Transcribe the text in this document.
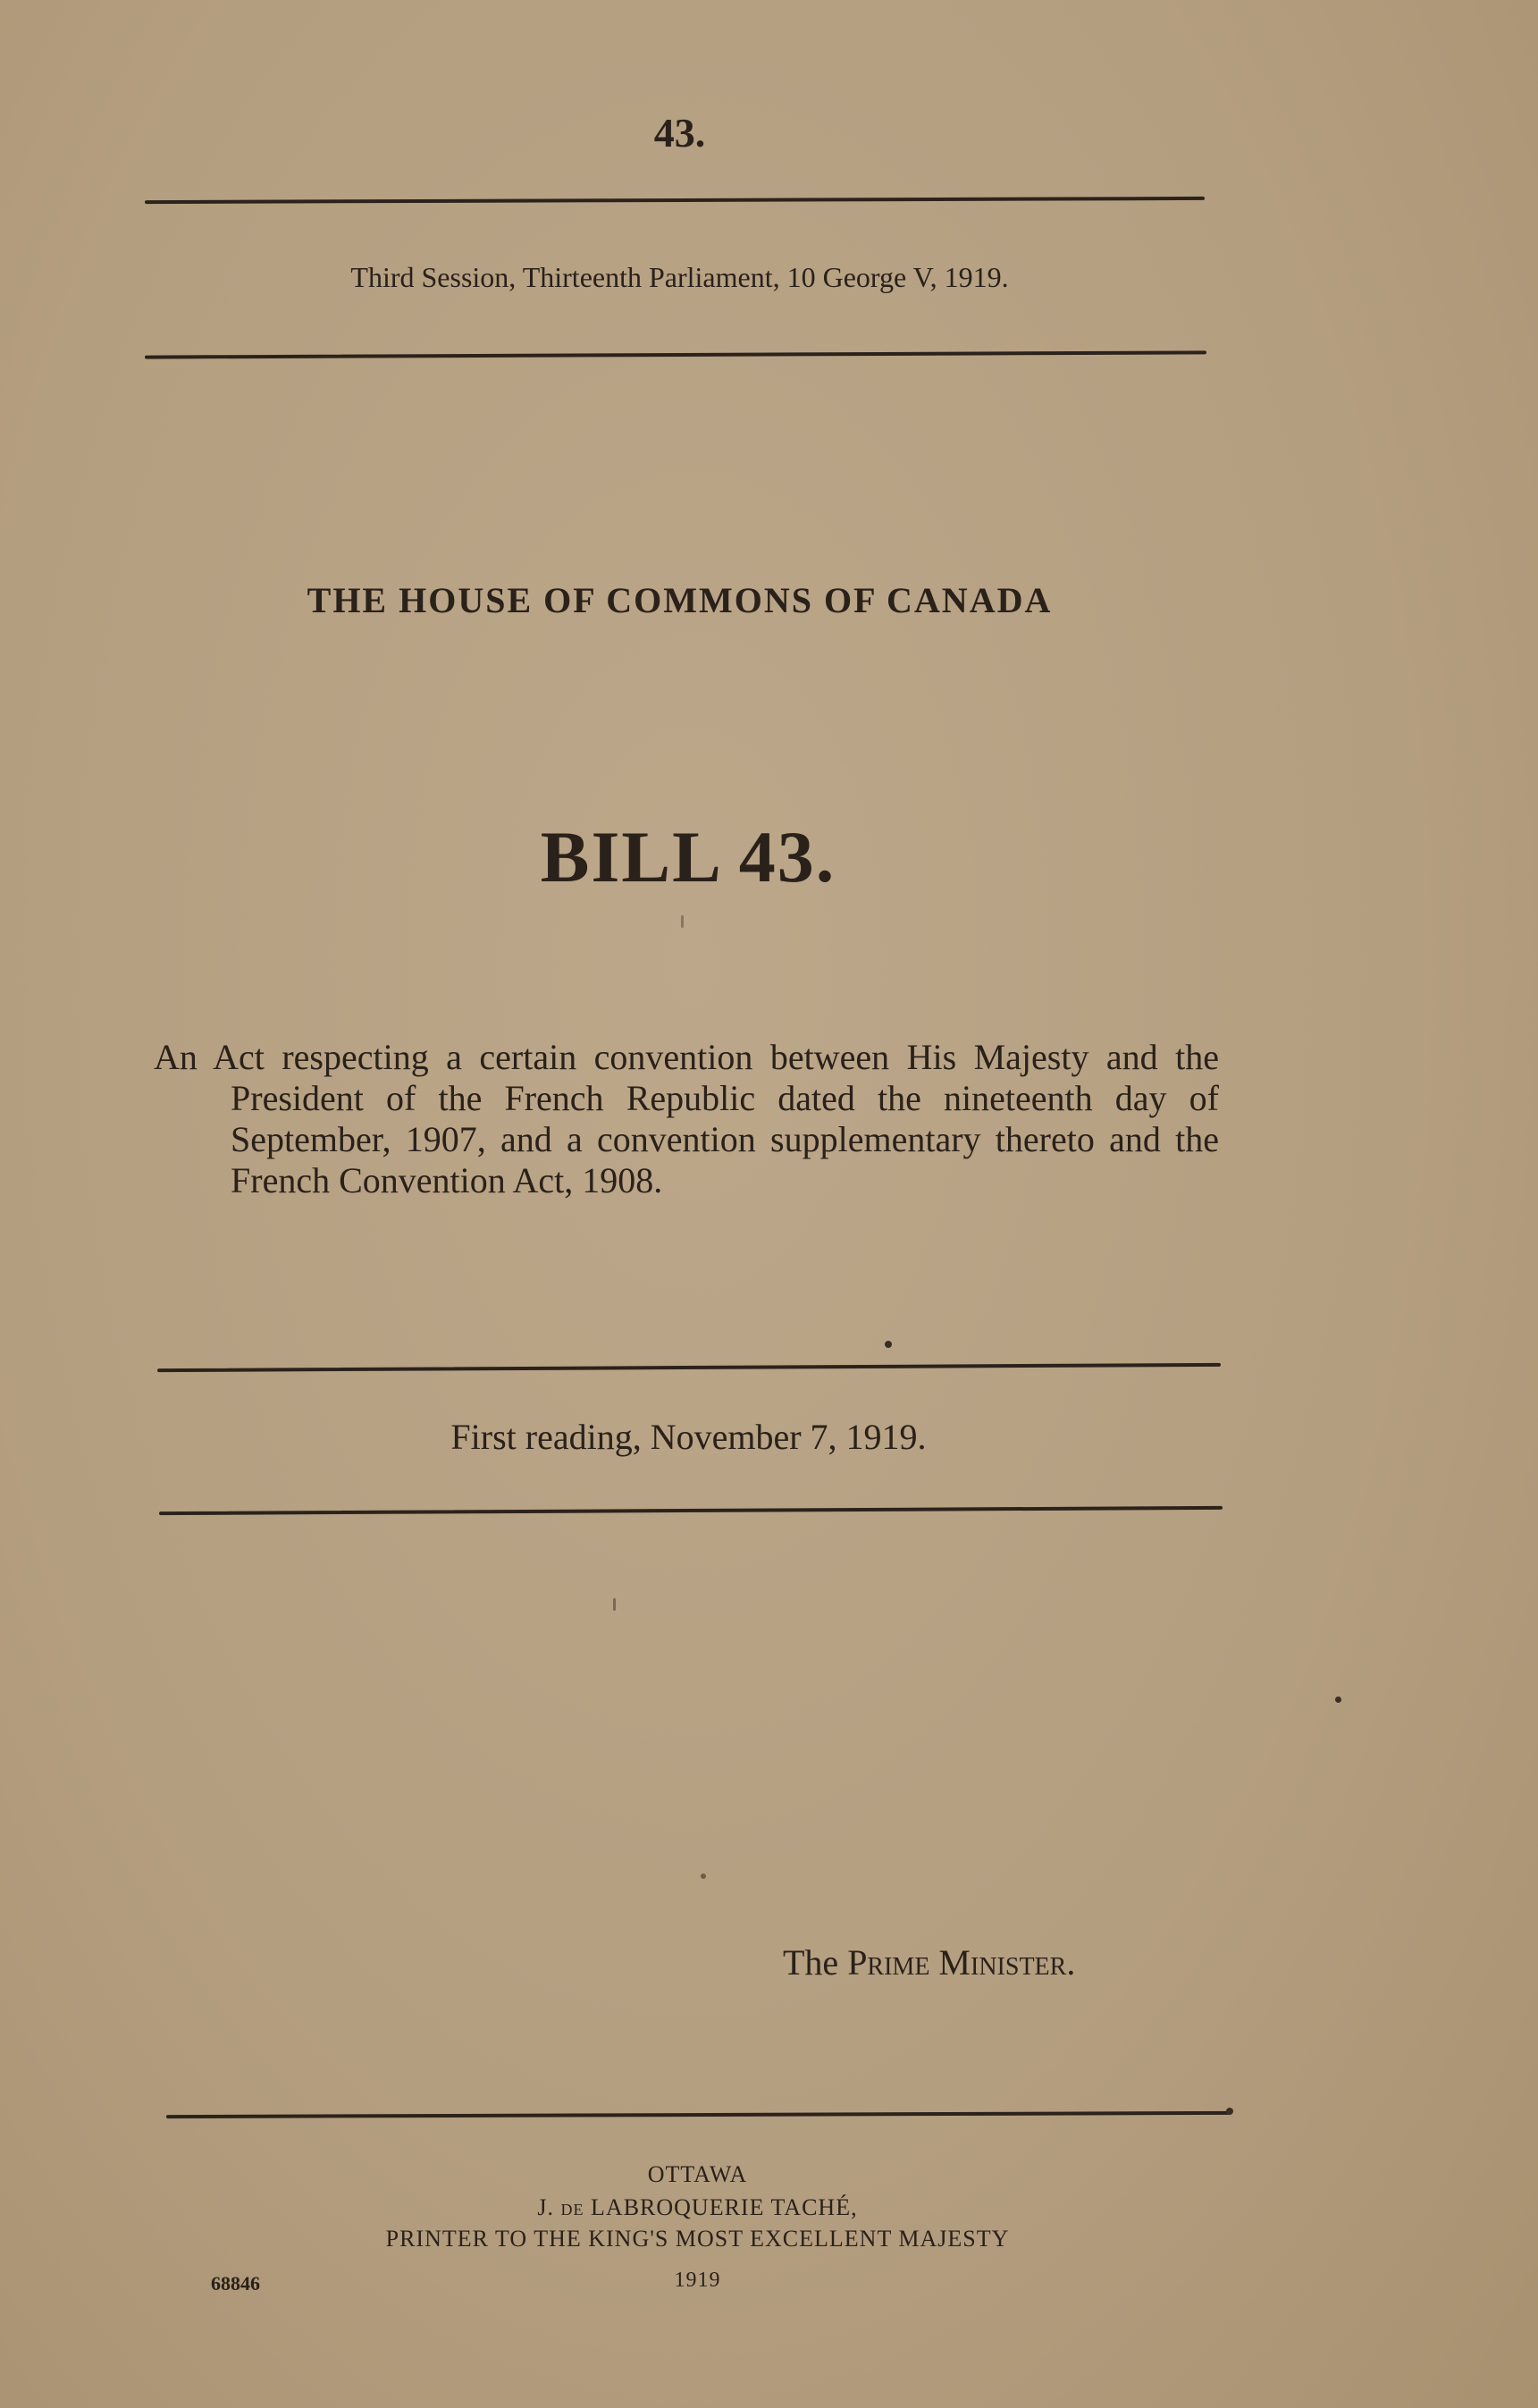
43.
Third Session, Thirteenth Parliament, 10 George V, 1919.
THE HOUSE OF COMMONS OF CANADA
BILL 43.
An Act respecting a certain convention between His Majesty and the President of the French Republic dated the nineteenth day of September, 1907, and a convention supplementary thereto and the French Convention Act, 1908.
First reading, November 7, 1919.
The Prime Minister.
OTTAWA
J. de LABROQUERIE TACHÉ,
PRINTER TO THE KING'S MOST EXCELLENT MAJESTY
1919
68846
